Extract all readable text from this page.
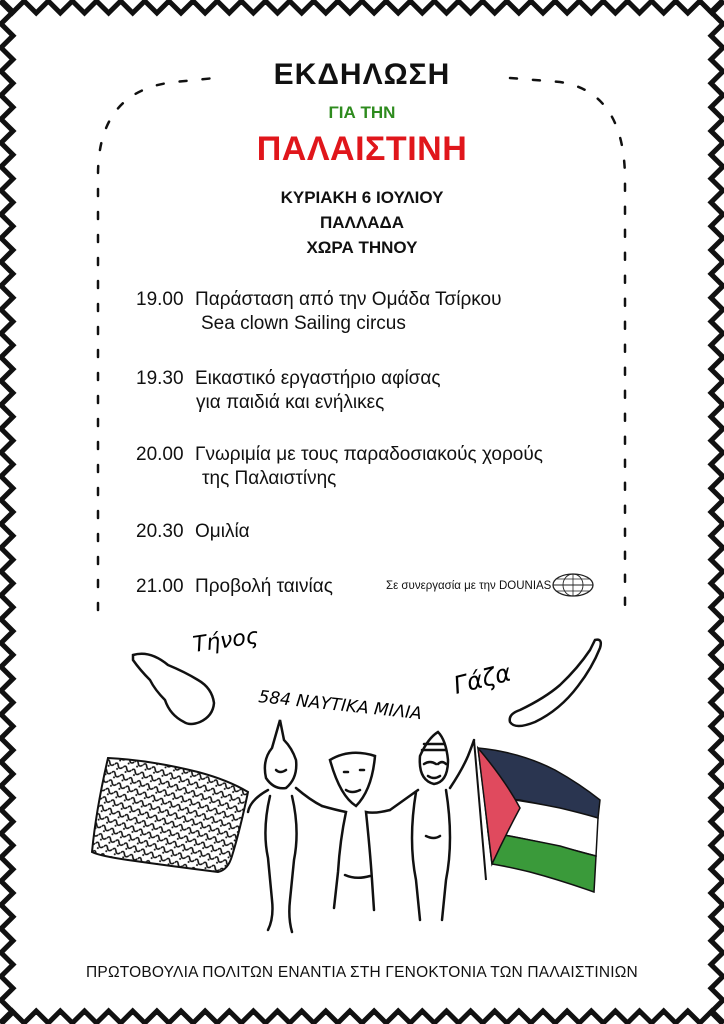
ΕΚΔΗΛΩΣΗ
ΓΙΑ ΤΗΝ
ΠΑΛΑΙΣΤΙΝΗ
ΚΥΡΙΑΚΗ 6 ΙΟΥΛΙΟΥ
ΠΑΛΛΑΔΑ
ΧΩΡΑ ΤΗΝΟΥ
19.00 Παράσταση από την Ομάδα Τσίρκου
Sea clown Sailing circus
19.30 Εικαστικό εργαστήριο αφίσας
για παιδιά και ενήλικες
20.00 Γνωριμία με τους παραδοσιακούς χορούς
της Παλαιστίνης
20.30 Ομιλία
21.00 Προβολή ταινίας	Σε συνεργασία με την DOUNIAS
Τήνος
584 ΝΑΥΤΙΚΑ ΜΙΛΙΑ
Γάζα
ΠΡΩΤΟΒΟΥΛΙΑ ΠΟΛΙΤΩΝ ΕΝΑΝΤΙΑ ΣΤΗ ΓΕΝΟΚΤΟΝΙΑ ΤΩΝ ΠΑΛΑΙΣΤΙΝΙΩΝ
